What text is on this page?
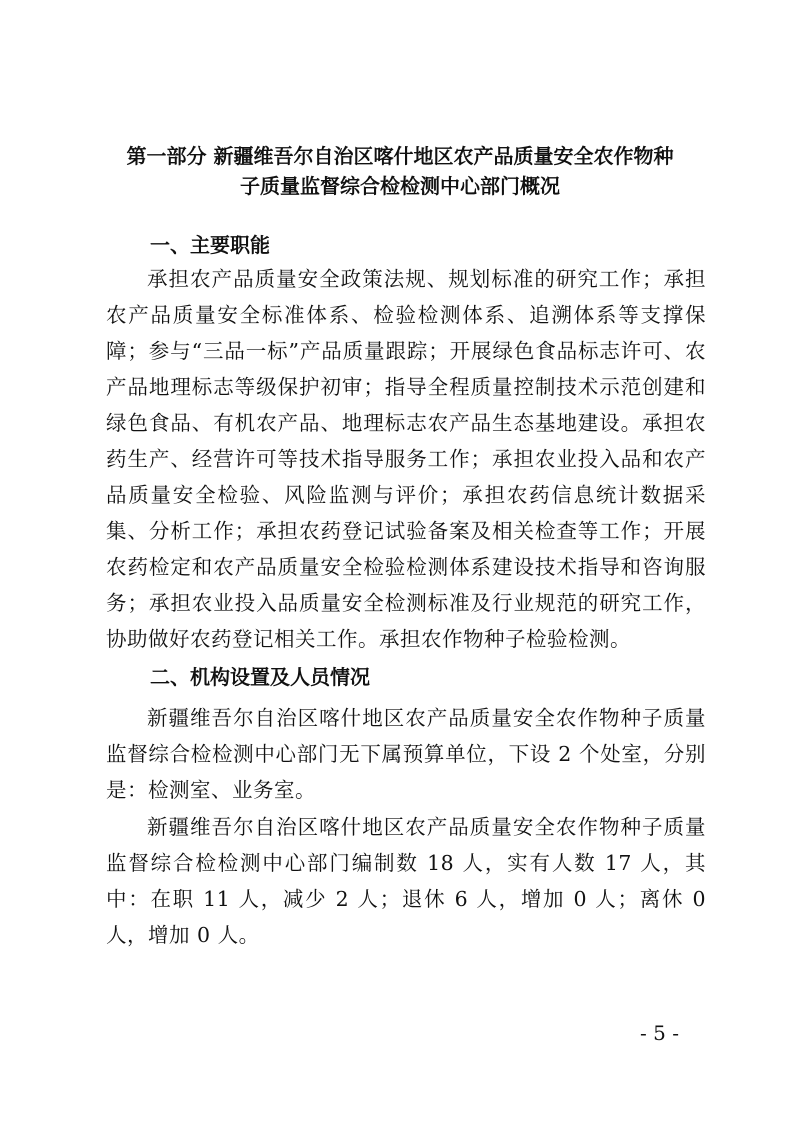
第一部分 新疆维吾尔自治区喀什地区农产品质量安全农作物种
子质量监督综合检检测中心部门概况
一、主要职能

承担农产品质量安全政策法规、规划标准的研究工作；承担农产品质量安全标准体系、检验检测体系、追溯体系等支撑保障；参与“三品一标”产品质量跟踪；开展绿色食品标志许可、农产品地理标志等级保护初审；指导全程质量控制技术示范创建和绿色食品、有机农产品、地理标志农产品生态基地建设。承担农药生产、经营许可等技术指导服务工作；承担农业投入品和农产品质量安全检验、风险监测与评价；承担农药信息统计数据采集、分析工作；承担农药登记试验备案及相关检查等工作；开展农药检定和农产品质量安全检验检测体系建设技术指导和咨询服务；承担农业投入品质量安全检测标准及行业规范的研究工作，协助做好农药登记相关工作。承担农作物种子检验检测。

二、机构设置及人员情况

新疆维吾尔自治区喀什地区农产品质量安全农作物种子质量监督综合检检测中心部门无下属预算单位，下设 2 个处室，分别是：检测室、业务室。

新疆维吾尔自治区喀什地区农产品质量安全农作物种子质量监督综合检检测中心部门编制数 18 人，实有人数 17 人，其中：在职 11 人，减少 2 人；退休 6 人，增加 0 人；离休 0 人，增加 0 人。

- 5 -
